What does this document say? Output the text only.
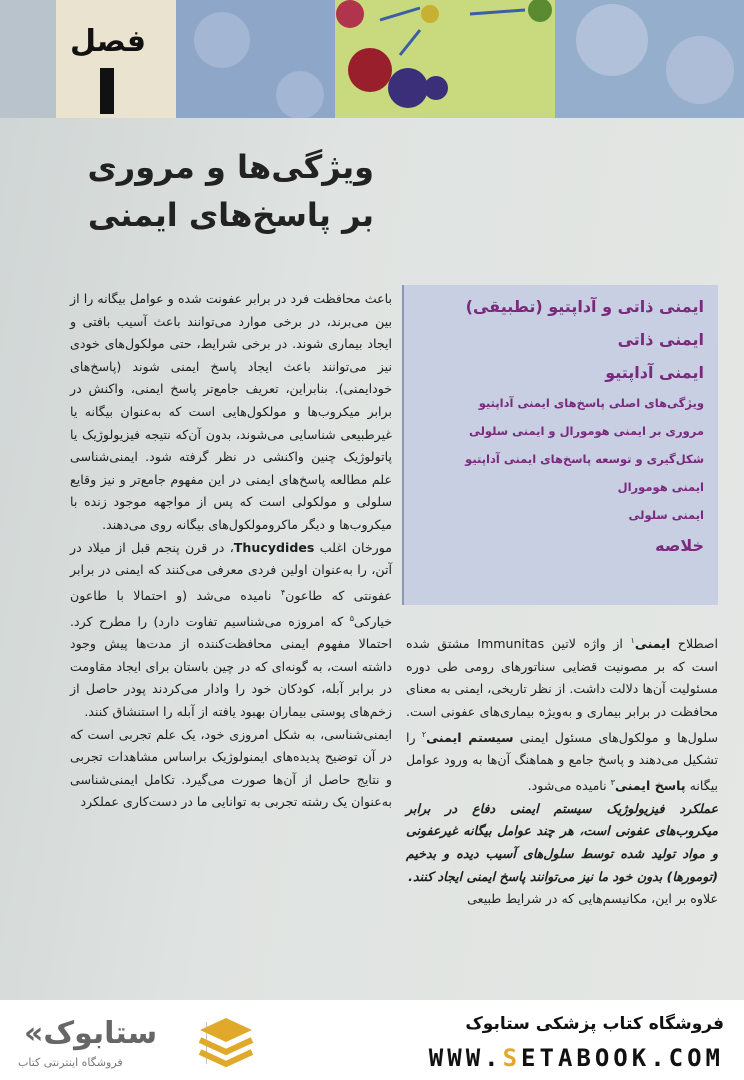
فصل
ویژگی‌ها و مروری
بر پاسخ‌های ایمنی
ایمنی ذاتی و آداپتیو (تطبیقی)
ایمنی ذاتی
ایمنی آداپتیو
ویژگی‌های اصلی پاسخ‌های ایمنی آداپتیو
مروری بر ایمنی هومورال و ایمنی سلولی
شکل‌گیری و توسعه پاسخ‌های ایمنی آداپتیو
ایمنی هومورال
ایمنی سلولی
خلاصه

باعث محافظت فرد در برابر عفونت شده و عوامل بیگانه را از بین می‌برند، در برخی موارد می‌توانند باعث آسیب بافتی و ایجاد بیماری شوند. در برخی شرایط، حتی مولکول‌های خودی نیز می‌توانند باعث ایجاد پاسخ ایمنی شوند (پاسخ‌های خودایمنی). بنابراین، تعریف جامع‌تر پاسخ ایمنی، واکنش در برابر میکروب‌ها و مولکول‌هایی است که به‌عنوان بیگانه یا غیرطبیعی شناسایی می‌شوند، بدون آن‌که نتیجه فیزیولوژیک یا پاتولوژیک چنین واکنشی در نظر گرفته شود. ایمنی‌شناسی علم مطالعه پاسخ‌های ایمنی در این مفهوم جامع‌تر و نیز وقایع سلولی و مولکولی است که پس از مواجهه موجود زنده با میکروب‌ها و دیگر ماکرومولکول‌های بیگانه روی می‌دهند.

مورخان اغلب Thucydides، در قرن پنجم قبل از میلاد در آتن، را به‌عنوان اولین فردی معرفی می‌کنند که ایمنی در برابر عفونتی که طاعون$^۴$ نامیده می‌شد (و احتمالا با طاعون خیارکی$^۵$ که امروزه می‌شناسیم تفاوت دارد) را مطرح کرد. احتمالا مفهوم ایمنی محافظت‌کننده از مدت‌ها پیش وجود داشته است، به گونه‌ای که در چین باستان برای ایجاد مقاومت در برابر آبله، کودکان خود را وادار می‌کردند پودر حاصل از زخم‌های پوستی بیماران بهبود یافته از آبله را استنشاق کنند.

ایمنی‌شناسی، به شکل امروزی خود، یک علم تجربی است که در آن توضیح پدیده‌های ایمنولوژیک براساس مشاهدات تجربی و نتایج حاصل از آن‌ها صورت می‌گیرد. تکامل ایمنی‌شناسی به‌عنوان یک رشته تجربی به توانایی ما در دست‌کاری عملکرد

اصطلاح ایمنی$^۱$ از واژه لاتین Immunitas مشتق شده است که بر مصونیت قضایی سناتورهای رومی طی دوره مسئولیت آن‌ها دلالت داشت. از نظر تاریخی، ایمنی به معنای محافظت در برابر بیماری و به‌ویژه بیماری‌های عفونی است. سلول‌ها و مولکول‌های مسئول ایمنی سیستم ایمنی$^۲$ را تشکیل می‌دهند و پاسخ جامع و هماهنگ آن‌ها به ورود عوامل بیگانه پاسخ ایمنی$^۳$ نامیده می‌شود.

عملکرد فیزیولوژیک سیستم ایمنی دفاع در برابر میکروب‌های عفونی است، هر چند عوامل بیگانه غیرعفونی و مواد تولید شده توسط سلول‌های آسیب دیده و بدخیم (تومورها) بدون خود ما نیز می‌توانند پاسخ ایمنی ایجاد کنند.

علاوه بر این، مکانیسم‌هایی که در شرایط طبیعی

ستابوک»
فروشگاه اینترنتی کتاب
فروشگاه کتاب پزشکی ستابوک
WWW.SETABOOK.COM
